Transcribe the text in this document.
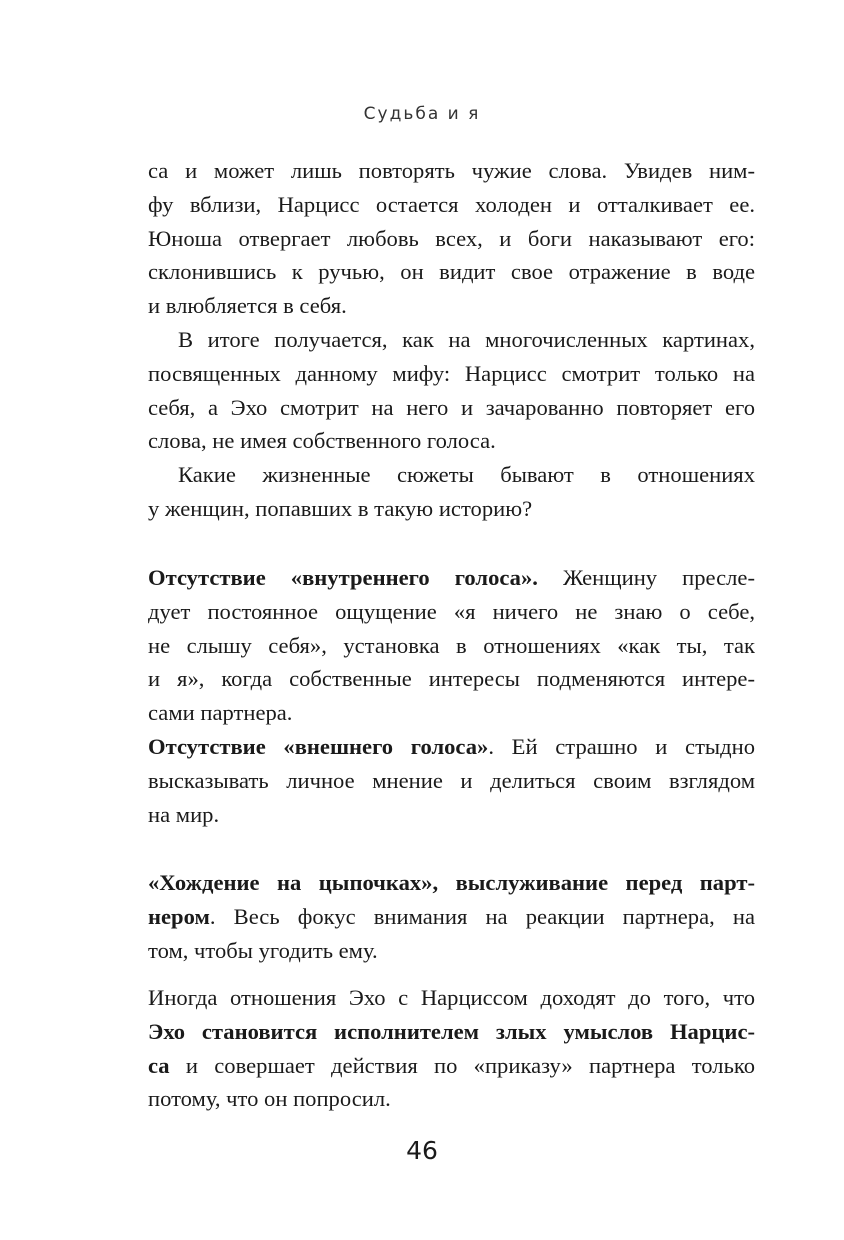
Судьба и я
са и может лишь повторять чужие слова. Увидев ним-
фу вблизи, Нарцисс остается холоден и отталкивает ее.
Юноша отвергает любовь всех, и боги наказывают его:
склонившись к ручью, он видит свое отражение в воде
и влюбляется в себя.
В итоге получается, как на многочисленных картинах,
посвященных данному мифу: Нарцисс смотрит только на
себя, а Эхо смотрит на него и зачарованно повторяет его
слова, не имея собственного голоса.
Какие жизненные сюжеты бывают в отношениях
у женщин, попавших в такую историю?
Отсутствие «внутреннего голоса». Женщину пресле-
дует постоянное ощущение «я ничего не знаю о себе,
не слышу себя», установка в отношениях «как ты, так
и я», когда собственные интересы подменяются интере-
сами партнера.
Отсутствие «внешнего голоса». Ей страшно и стыдно
высказывать личное мнение и делиться своим взглядом
на мир.
«Хождение на цыпочках», выслуживание перед парт-
нером. Весь фокус внимания на реакции партнера, на
том, чтобы угодить ему.
Иногда отношения Эхо с Нарциссом доходят до того, что
Эхо становится исполнителем злых умыслов Нарцис-
са и совершает действия по «приказу» партнера только
потому, что он попросил.
46
